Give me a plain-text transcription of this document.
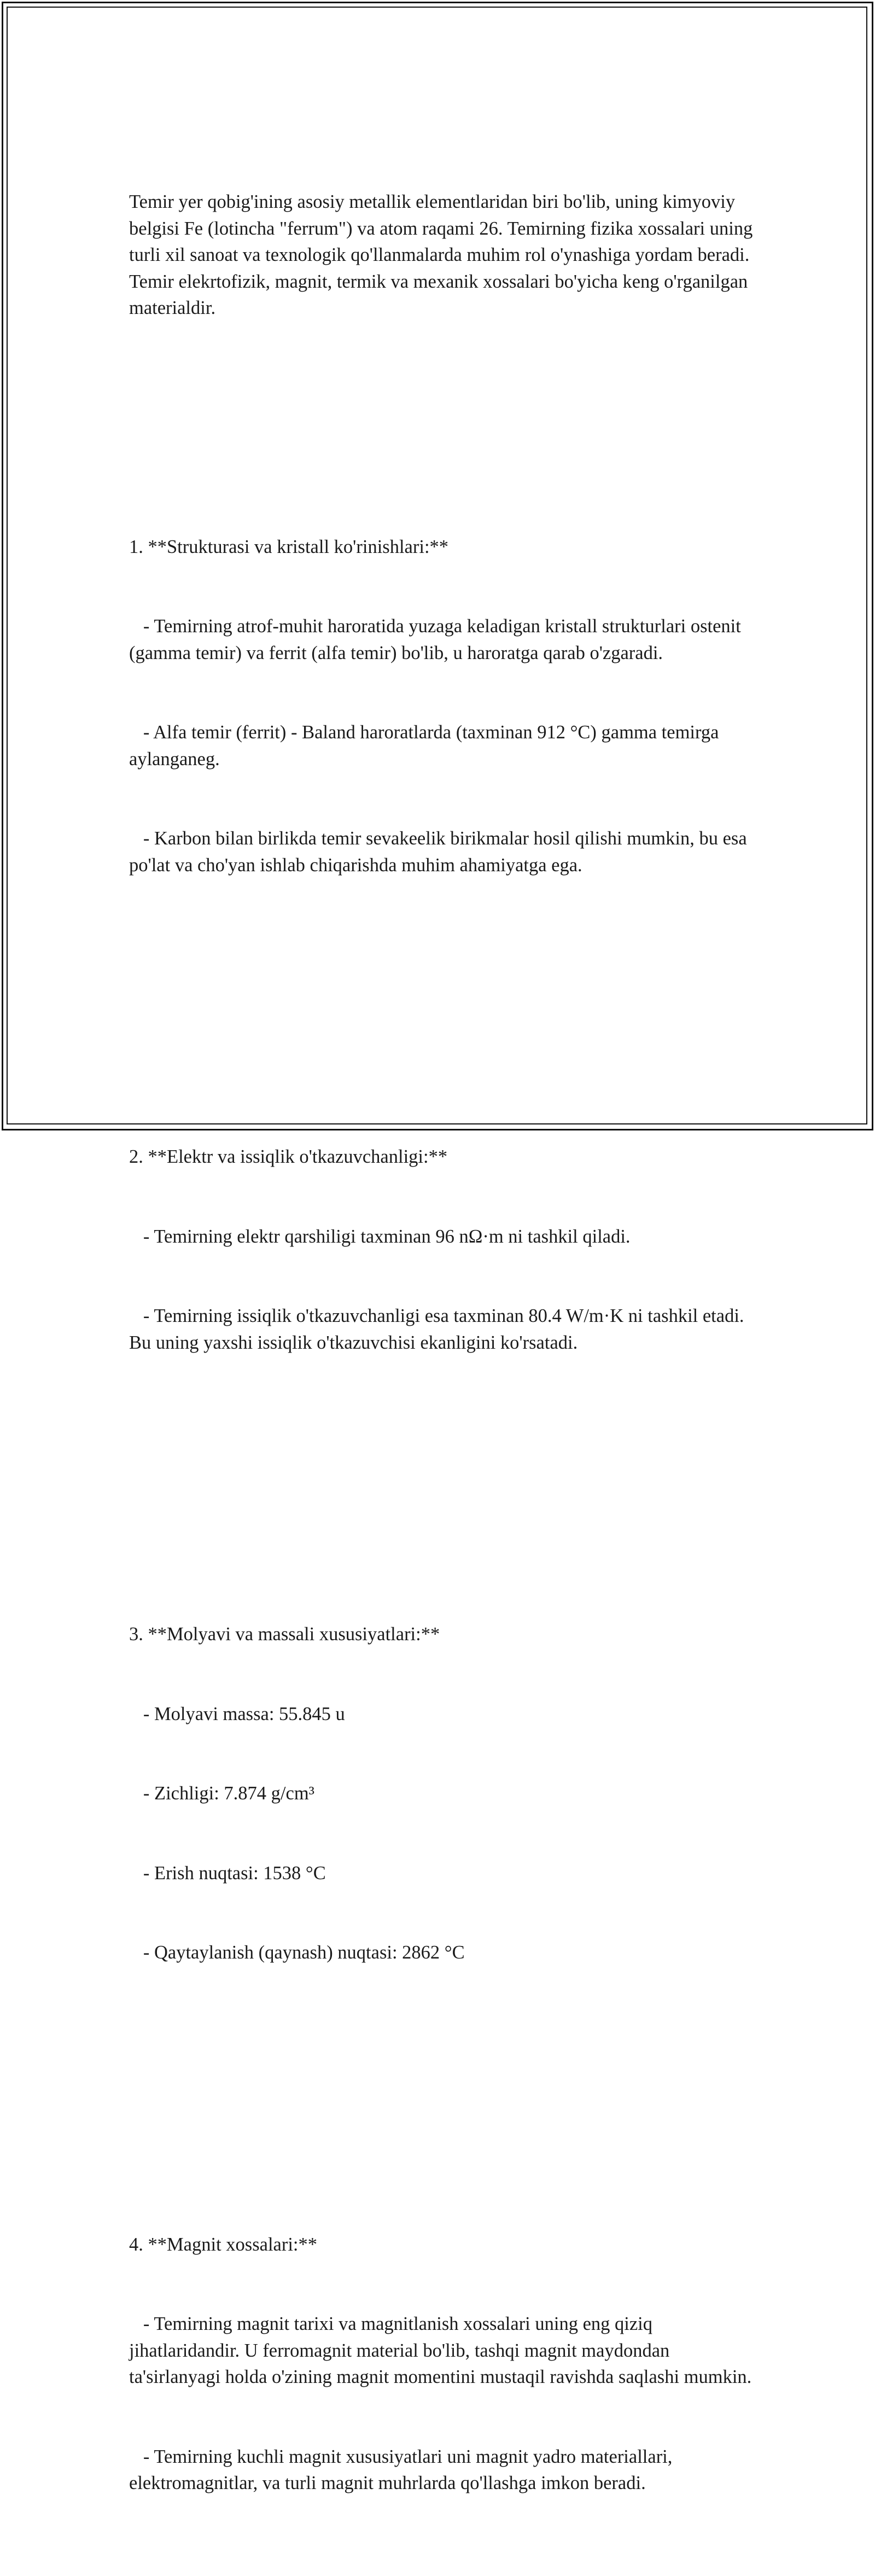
Temir yer qobig'ining asosiy metallik elementlaridan biri bo'lib, uning kimyoviy belgisi Fe (lotincha "ferrum") va atom raqami 26. Temirning fizika xossalari uning turli xil sanoat va texnologik qo'llanmalarda muhim rol o'ynashiga yordam beradi. Temir elekrtofizik, magnit, termik va mexanik xossalari bo'yicha keng o'rganilgan materialdir.

1. **Strukturasi va kristall ko'rinishlari:**

- Temirning atrof-muhit haroratida yuzaga keladigan kristall strukturlari ostenit (gamma temir) va ferrit (alfa temir) bo'lib, u haroratga qarab o'zgaradi.

- Alfa temir (ferrit) - Baland haroratlarda (taxminan 912 °C) gamma temirga aylanganeg.

- Karbon bilan birlikda temir sevakeelik birikmalar hosil qilishi mumkin, bu esa po'lat va cho'yan ishlab chiqarishda muhim ahamiyatga ega.

2. **Elektr va issiqlik o'tkazuvchanligi:**

- Temirning elektr qarshiligi taxminan 96 nΩ·m ni tashkil qiladi.

- Temirning issiqlik o'tkazuvchanligi esa taxminan 80.4 W/m·K ni tashkil etadi. Bu uning yaxshi issiqlik o'tkazuvchisi ekanligini ko'rsatadi.

3. **Molyavi va massali xususiyatlari:**

- Molyavi massa: 55.845 u

- Zichligi: 7.874 g/cm³

- Erish nuqtasi: 1538 °C

- Qaytaylanish (qaynash) nuqtasi: 2862 °C

4. **Magnit xossalari:**

- Temirning magnit tarixi va magnitlanish xossalari uning eng qiziq jihatlaridandir. U ferromagnit material bo'lib, tashqi magnit maydondan ta'sirlanyagi holda o'zining magnit momentini mustaqil ravishda saqlashi mumkin.

- Temirning kuchli magnit xususiyatlari uni magnit yadro materiallari, elektromagnitlar, va turli magnit muhrlarda qo'llashga imkon beradi.
